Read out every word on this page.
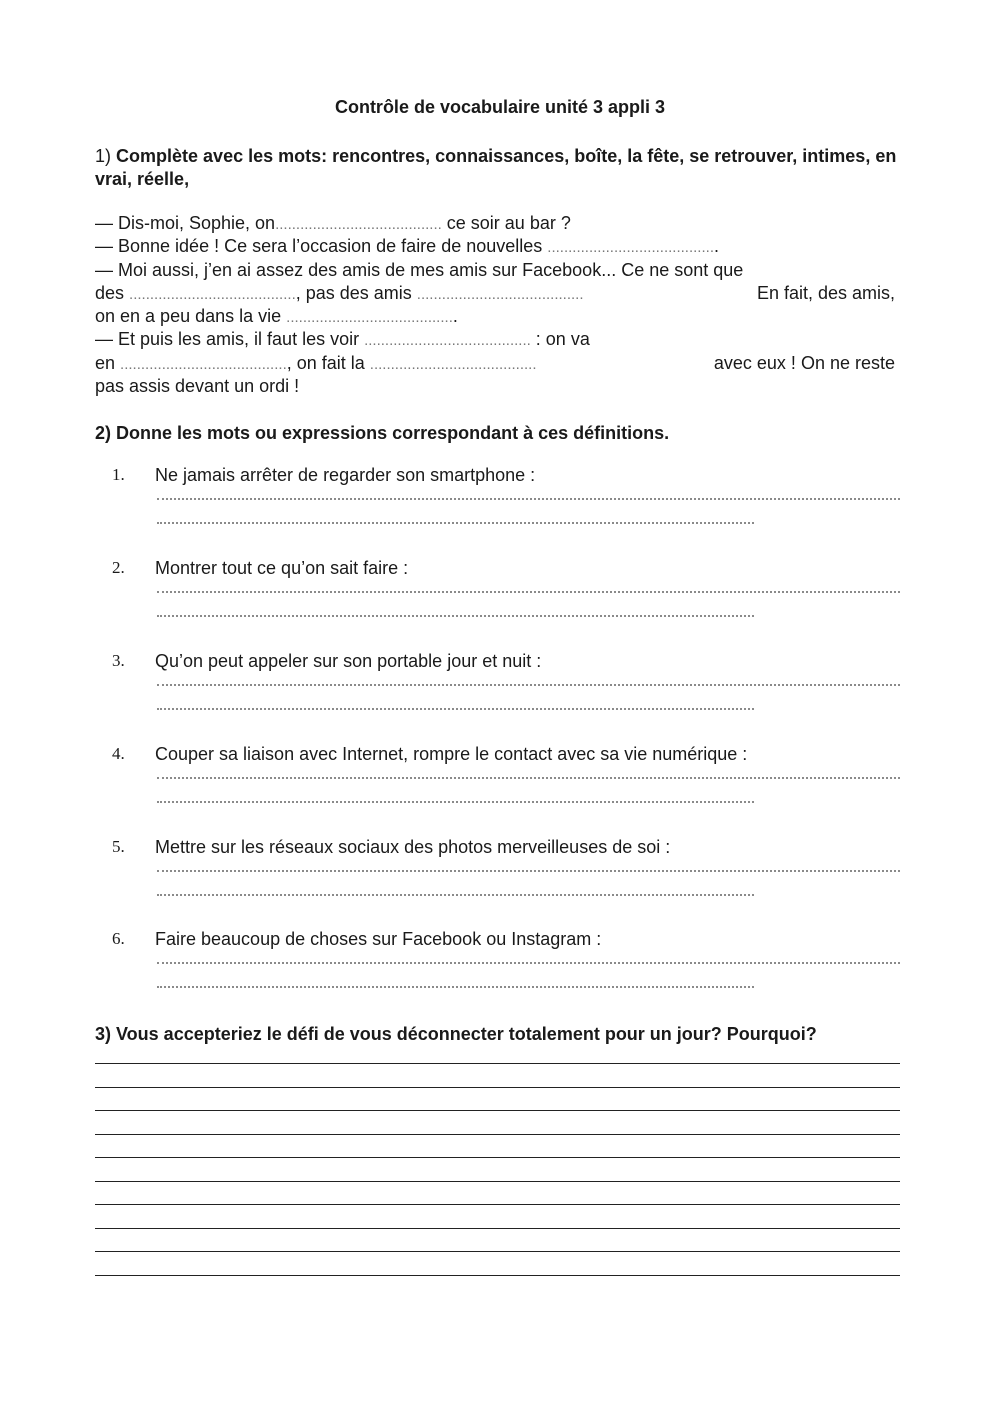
Contrôle de vocabulaire unité 3 appli 3
1) Complète avec les mots: rencontres, connaissances, boîte, la fête, se retrouver, intimes, en vrai, réelle,
— Dis-moi, Sophie, on........................................ ce soir au bar ?
— Bonne idée ! Ce sera l’occasion de faire de nouvelles .........................................
— Moi aussi, j’en ai assez des amis de mes amis sur Facebook... Ce ne sont que
des ........................................, pas des amis ........................................	En fait, des amis,
on en a peu dans la vie .........................................
— Et puis les amis, il faut les voir ........................................ : on va
en ........................................, on fait la ........................................	avec eux ! On ne reste
pas assis devant un ordi !
2) Donne les mots ou expressions correspondant à ces définitions.
1. Ne jamais arrêter de regarder son smartphone :
2. Montrer tout ce qu’on sait faire :
3. Qu’on peut appeler sur son portable jour et nuit :
4. Couper sa liaison avec Internet, rompre le contact avec sa vie numérique :
5. Mettre sur les réseaux sociaux des photos merveilleuses de soi :
6. Faire beaucoup de choses sur Facebook ou Instagram :
3) Vous accepteriez le défi de vous déconnecter totalement pour un jour? Pourquoi?
